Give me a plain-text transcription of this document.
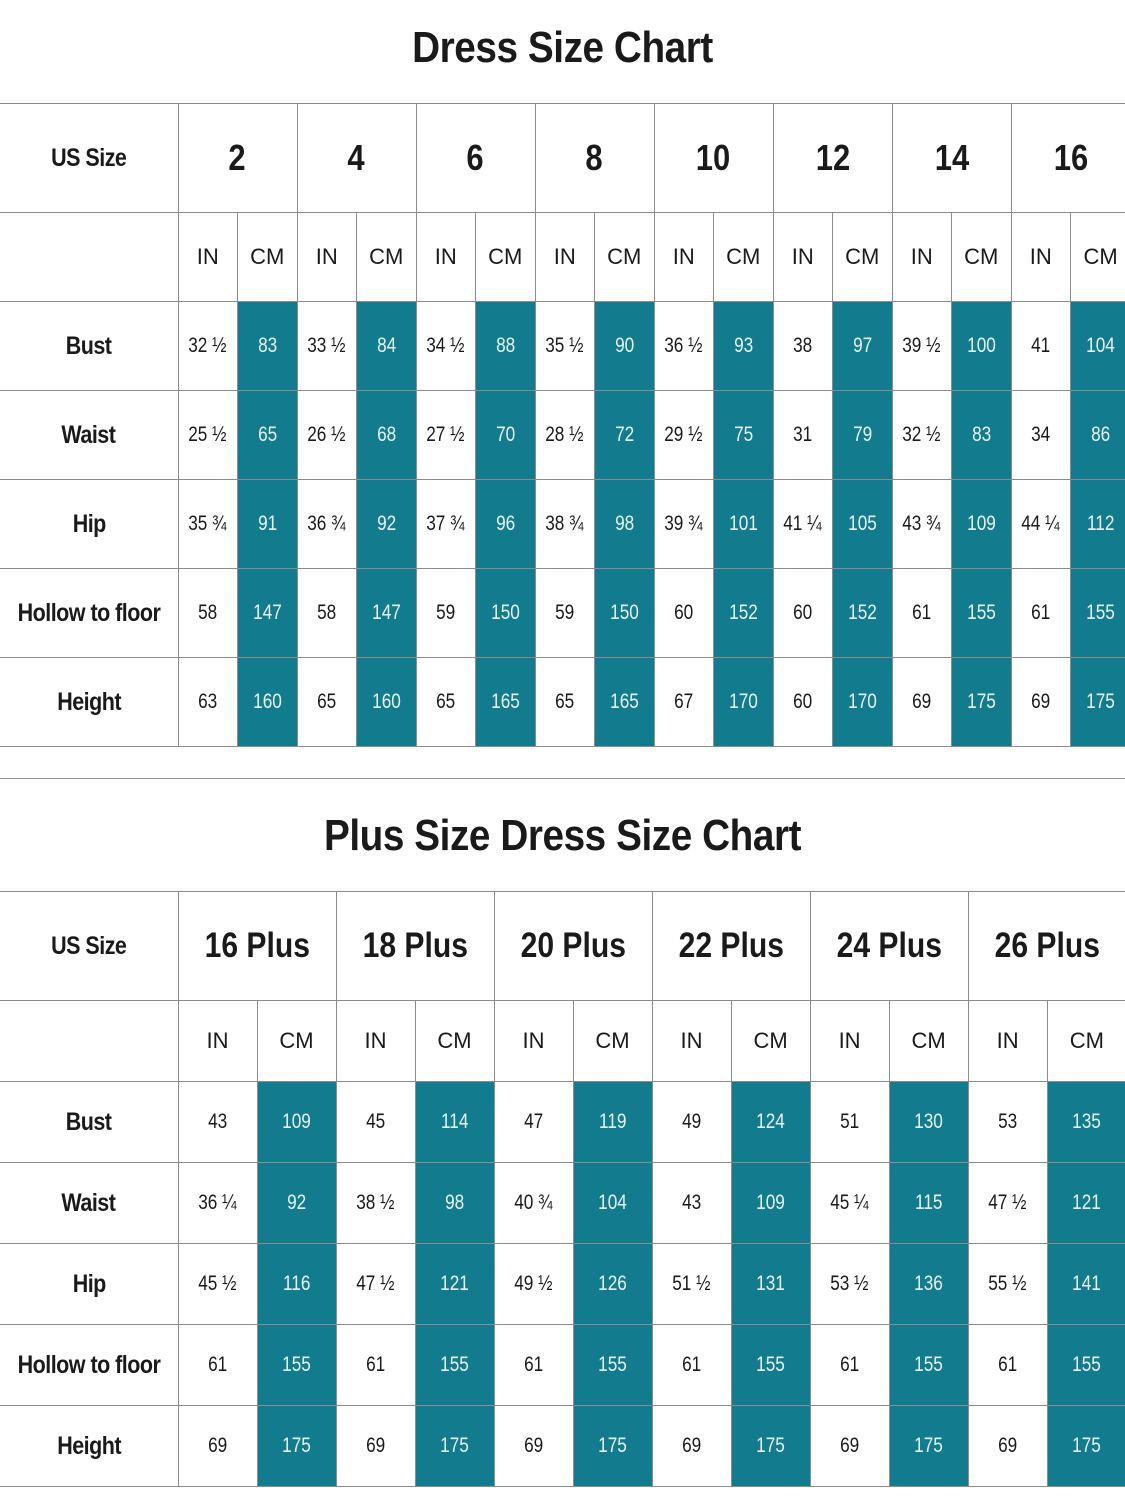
Dress Size Chart
US Size	2		4		6		8		10		12		14		16	
	IN	CM	IN	CM	IN	CM	IN	CM	IN	CM	IN	CM	IN	CM	IN	CM
Bust	32 ½	83	33 ½	84	34 ½	88	35 ½	90	36 ½	93	38	97	39 ½	100	41	104
Waist	25 ½	65	26 ½	68	27 ½	70	28 ½	72	29 ½	75	31	79	32 ½	83	34	86
Hip	35 ¾	91	36 ¾	92	37 ¾	96	38 ¾	98	39 ¾	101	41 ¼	105	43 ¾	109	44 ¼	112
Hollow to floor	58	147	58	147	59	150	59	150	60	152	60	152	61	155	61	155
Height	63	160	65	160	65	165	65	165	67	170	60	170	69	175	69	175
Plus Size Dress Size Chart
US Size	16 Plus		18 Plus		20 Plus		22 Plus		24 Plus		26 Plus	
	IN	CM	IN	CM	IN	CM	IN	CM	IN	CM	IN	CM
Bust	43	109	45	114	47	119	49	124	51	130	53	135
Waist	36 ¼	92	38 ½	98	40 ¾	104	43	109	45 ¼	115	47 ½	121
Hip	45 ½	116	47 ½	121	49 ½	126	51 ½	131	53 ½	136	55 ½	141
Hollow to floor	61	155	61	155	61	155	61	155	61	155	61	155
Height	69	175	69	175	69	175	69	175	69	175	69	175
